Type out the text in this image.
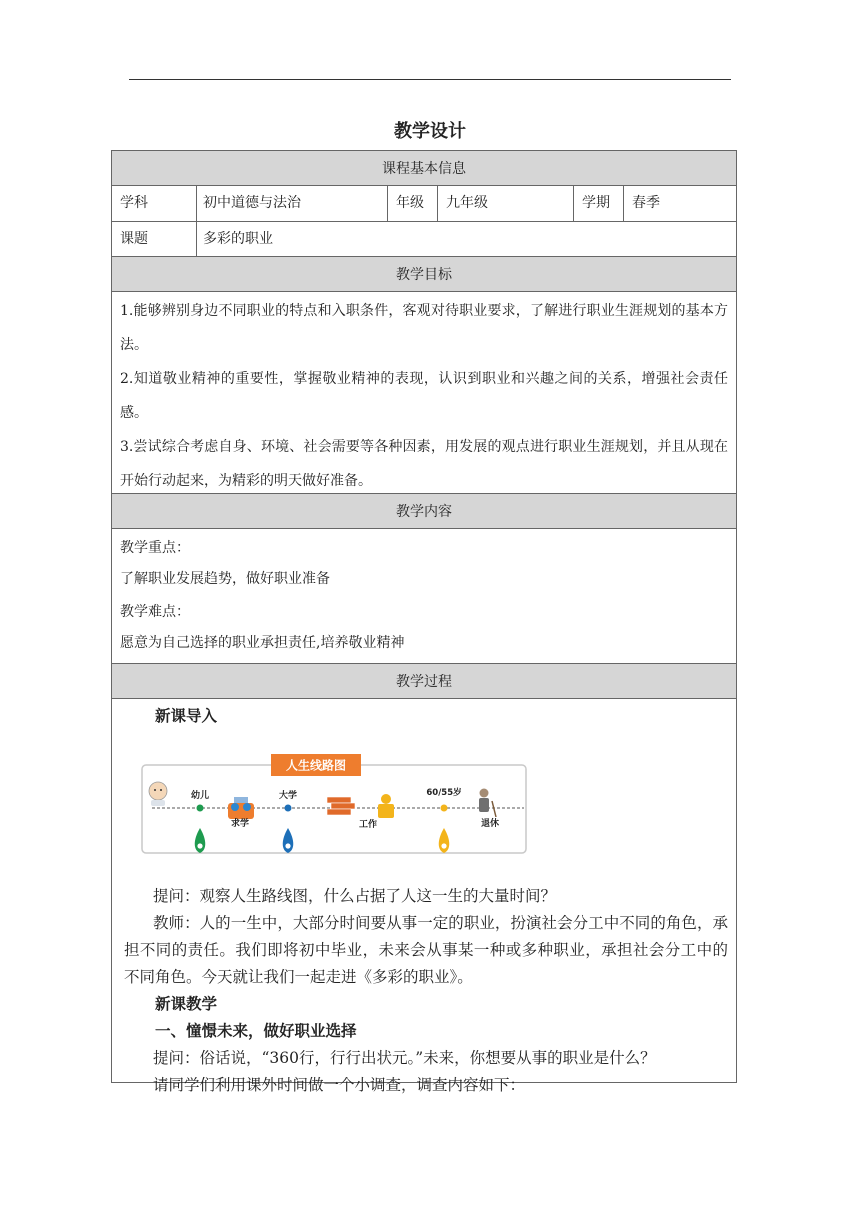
教学设计
课程基本信息
学科	初中道德与法治	年级 九年级	学期 春季
课题	多彩的职业
教学目标
1.能够辨别身边不同职业的特点和入职条件，客观对待职业要求，了解进行职业生涯规划的基本方法。
2.知道敬业精神的重要性，掌握敬业精神的表现，认识到职业和兴趣之间的关系，增强社会责任感。
3.尝试综合考虑自身、环境、社会需要等各种因素，用发展的观点进行职业生涯规划，并且从现在开始行动起来，为精彩的明天做好准备。
教学内容
教学重点：
了解职业发展趋势，做好职业准备
教学难点：
愿意为自己选择的职业承担责任,培养敬业精神
教学过程
新课导入
人生线路图
幼儿
求学
大学
工作
60/55岁
退休
提问：观察人生路线图，什么占据了人这一生的大量时间？
教师：人的一生中，大部分时间要从事一定的职业，扮演社会分工中不同的角色，承担不同的责任。我们即将初中毕业，未来会从事某一种或多种职业，承担社会分工中的不同角色。今天就让我们一起走进《多彩的职业》。
新课教学
一、憧憬未来，做好职业选择
提问：俗话说，“360行，行行出状元。”未来，你想要从事的职业是什么？
请同学们利用课外时间做一个小调查，调查内容如下：
